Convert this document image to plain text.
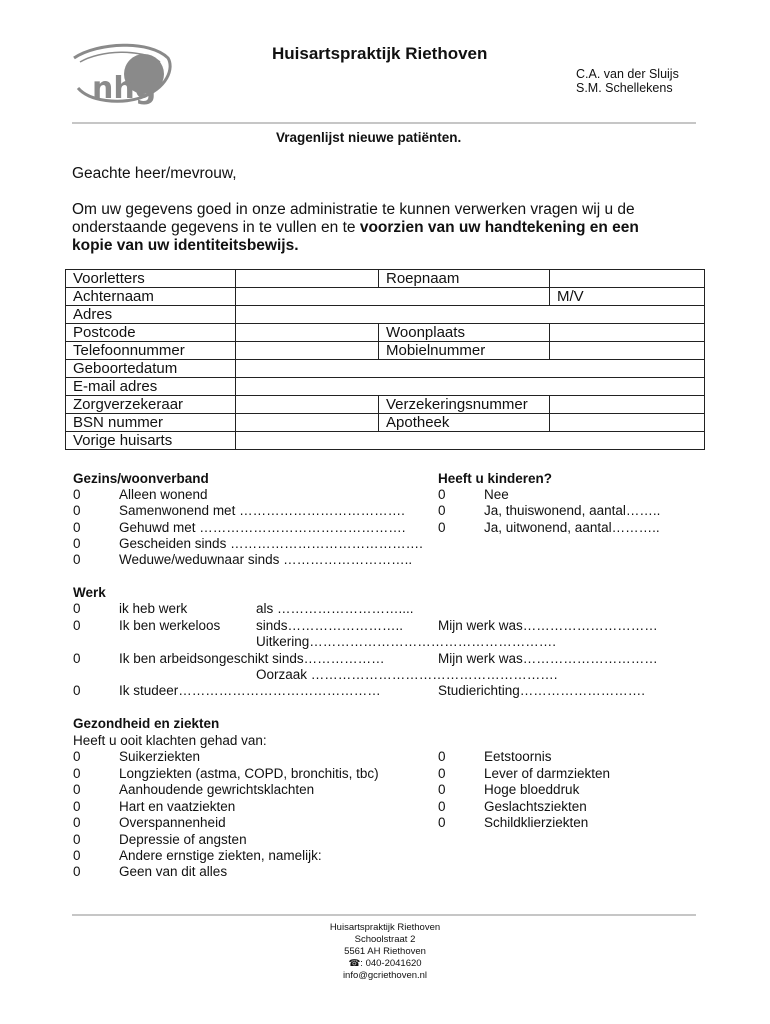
nhg
Huisartspraktijk Riethoven
C.A. van der Sluijs
S.M. Schellekens
Vragenlijst nieuwe patiënten.
Geachte heer/mevrouw,
Om uw gegevens goed in onze administratie te kunnen verwerken vragen wij u de
onderstaande gegevens in te vullen en te voorzien van uw handtekening en een
kopie van uw identiteitsbewijs.
Voorletters		Roepnaam	
Achternaam			M/V
Adres			
Postcode		Woonplaats	
Telefoonnummer		Mobielnummer	
Geboortedatum			
E-mail adres			
Zorgverzekeraar		Verzekeringsnummer	
BSN nummer		Apotheek	
Vorige huisarts			
Gezins/woonverband
0	Alleen wonend
0	Samenwonend met ……………………………….
0	Gehuwd met ……………………………………….
0	Gescheiden sinds …………………………………….
0	Weduwe/weduwnaar sinds ………………………..
Heeft u kinderen?
0	Nee
0	Ja, thuiswonend, aantal……..
0	Ja, uitwonend, aantal………..
Werk
0	ik heb werk	als ………………………....
0	Ik ben werkeloos	sinds……………………..	Mijn werk was…………………………
Uitkering……………………………………………….
0	Ik ben arbeidsongeschikt sinds………………	Mijn werk was…………………………
Oorzaak ……………………………………………….
0	Ik studeer………………………………………	Studierichting……………………….
Gezondheid en ziekten
Heeft u ooit klachten gehad van:
0	Suikerziekten
0	Longziekten (astma, COPD, bronchitis, tbc)
0	Aanhoudende gewrichtsklachten
0	Hart en vaatziekten
0	Overspannenheid
0	Depressie of angsten
0	Andere ernstige ziekten, namelijk:
0	Geen van dit alles
0	Eetstoornis
0	Lever of darmziekten
0	Hoge bloeddruk
0	Geslachtsziekten
0	Schildklierziekten
Huisartspraktijk Riethoven
Schoolstraat 2
5561 AH Riethoven
☎: 040-2041620
info@gcriethoven.nl
